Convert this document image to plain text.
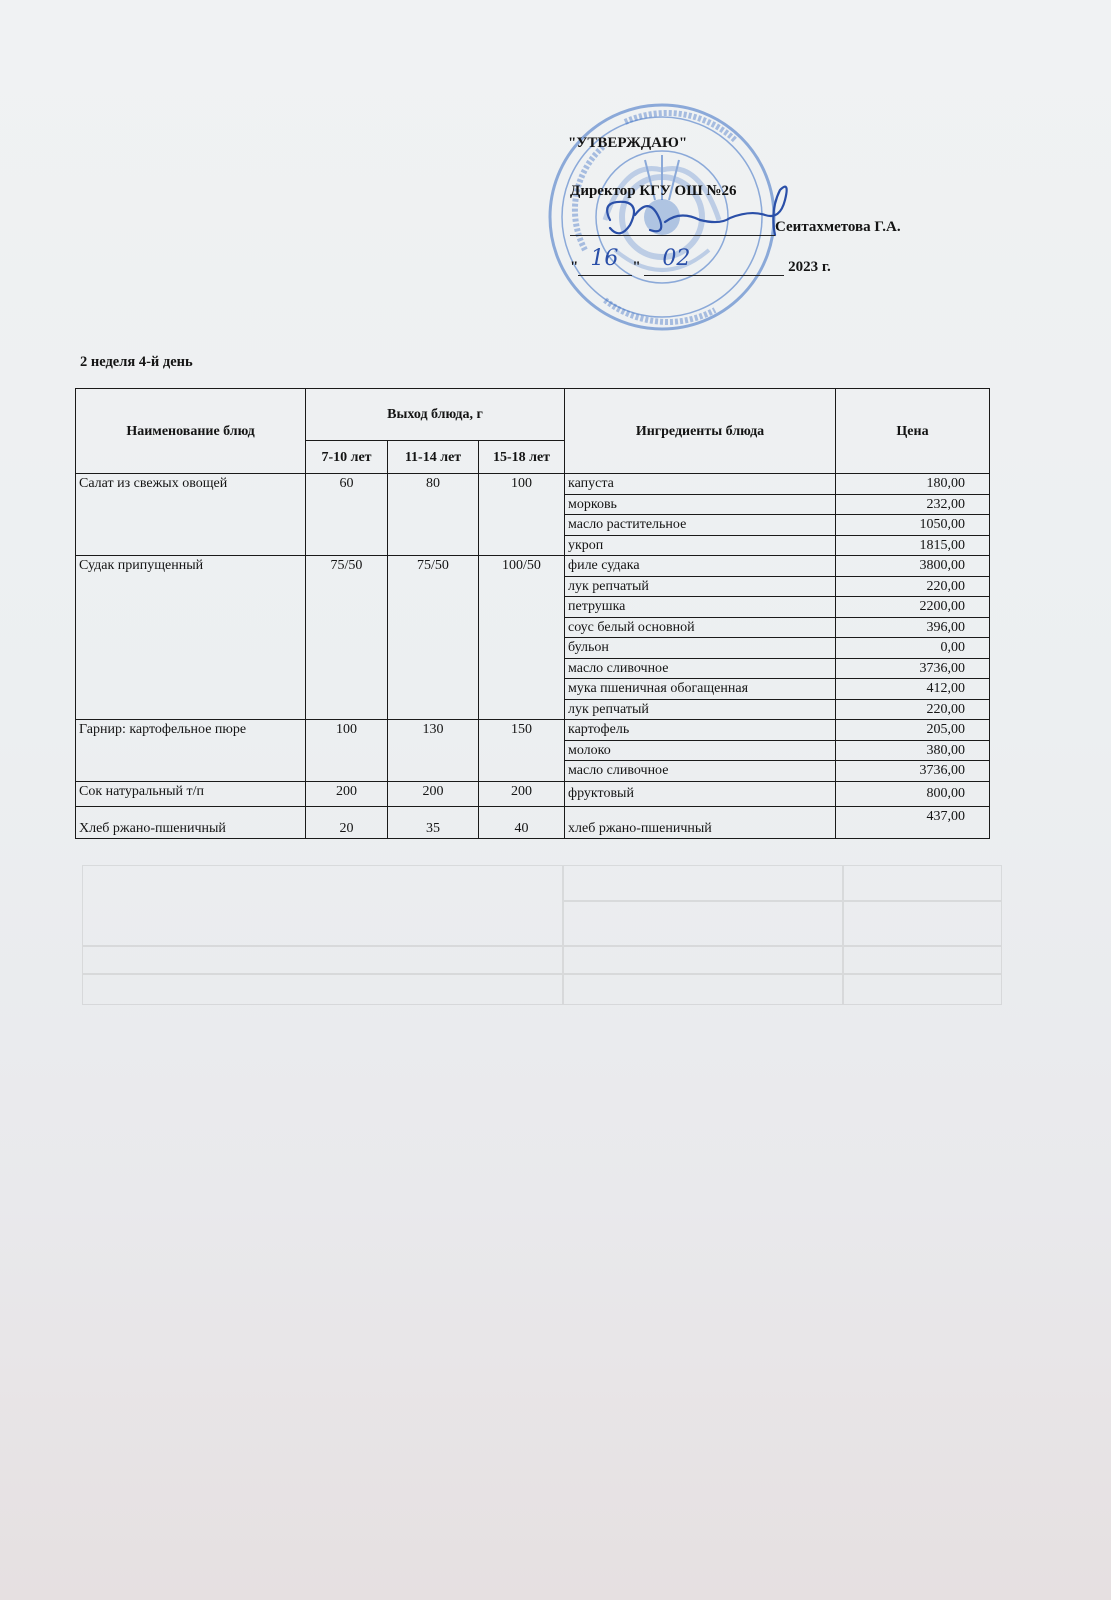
"УТВЕРЖДАЮ"
Директор КГУ ОШ №26
Сеитахметова Г.А.
" 16 " 02	2023 г.
2 неделя 4-й день
Наименование блюд	Выход блюда, г			Ингредиенты блюда	Цена
	7-10 лет	11-14 лет	15-18 лет		
Салат из свежых овощей	60	80	100	капуста	180,00
				морковь	232,00
				масло растительное	1050,00
				укроп	1815,00
Судак припущенный	75/50	75/50	100/50	филе судака	3800,00
				лук репчатый	220,00
				петрушка	2200,00
				соус белый основной	396,00
				бульон	0,00
				масло сливочное	3736,00
				мука пшеничная обогащенная	412,00
				лук репчатый	220,00
Гарнир: картофельное пюре	100	130	150	картофель	205,00
				молоко	380,00
				масло сливочное	3736,00
Сок натуральный т/п	200	200	200	фруктовый	800,00
Хлеб ржано-пшеничный	20	35	40	хлеб ржано-пшеничный	437,00
